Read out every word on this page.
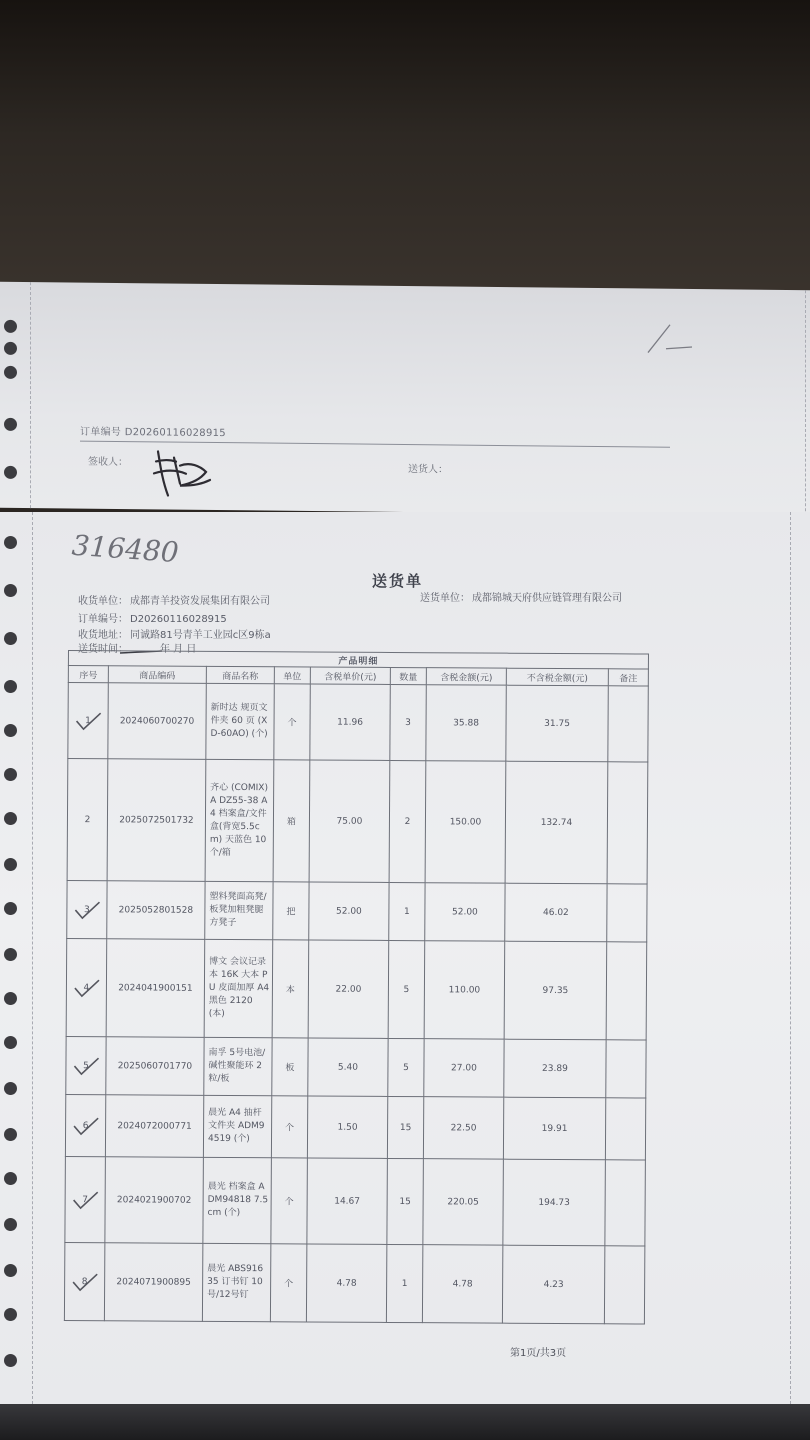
订单编号 D20260116028915
签收人：
送货人：
316480
送货单
收货单位： 成都青羊投资发展集团有限公司	送货单位： 成都锦城天府供应链管理有限公司
订单编号： D20260116028915
收货地址： 同诚路81号青羊工业园c区9栋a
送货时间：	年 月 日
产品明细								
序号	商品编码	商品名称	单位	含税单价(元)	数量	含税金额(元)	不含税金额(元)	备注

1	2024060700270	新时达 规页文件夹 60 页 (XD-60AO) (个)	个	11.96	3	35.88	31.75	
2	2025072501732	齐心 (COMIX) A DZ55-38 A4 档案盒/文件盒(背宽5.5cm) 天蓝色 10个/箱	箱	75.00	2	150.00	132.74	

3	2025052801528	塑料凳面高凳/板凳加粗凳腿方凳子	把	52.00	1	52.00	46.02	

4	2024041900151	博文 会议记录本 16K 大本 PU 皮面加厚 A4 黑色 2120 (本)	本	22.00	5	110.00	97.35	

5	2025060701770	南孚 5号电池/碱性聚能环 2粒/板	板	5.40	5	27.00	23.89	

6	2024072000771	晨光 A4 抽杆文件夹 ADM94519 (个)	个	1.50	15	22.50	19.91	

7	2024021900702	晨光 档案盒 ADM94818 7.5cm (个)	个	14.67	15	220.05	194.73	

8	2024071900895	晨光 ABS91635 订书钉 10号/12号钉	个	4.78	1	4.78	4.23	
第1页/共3页
